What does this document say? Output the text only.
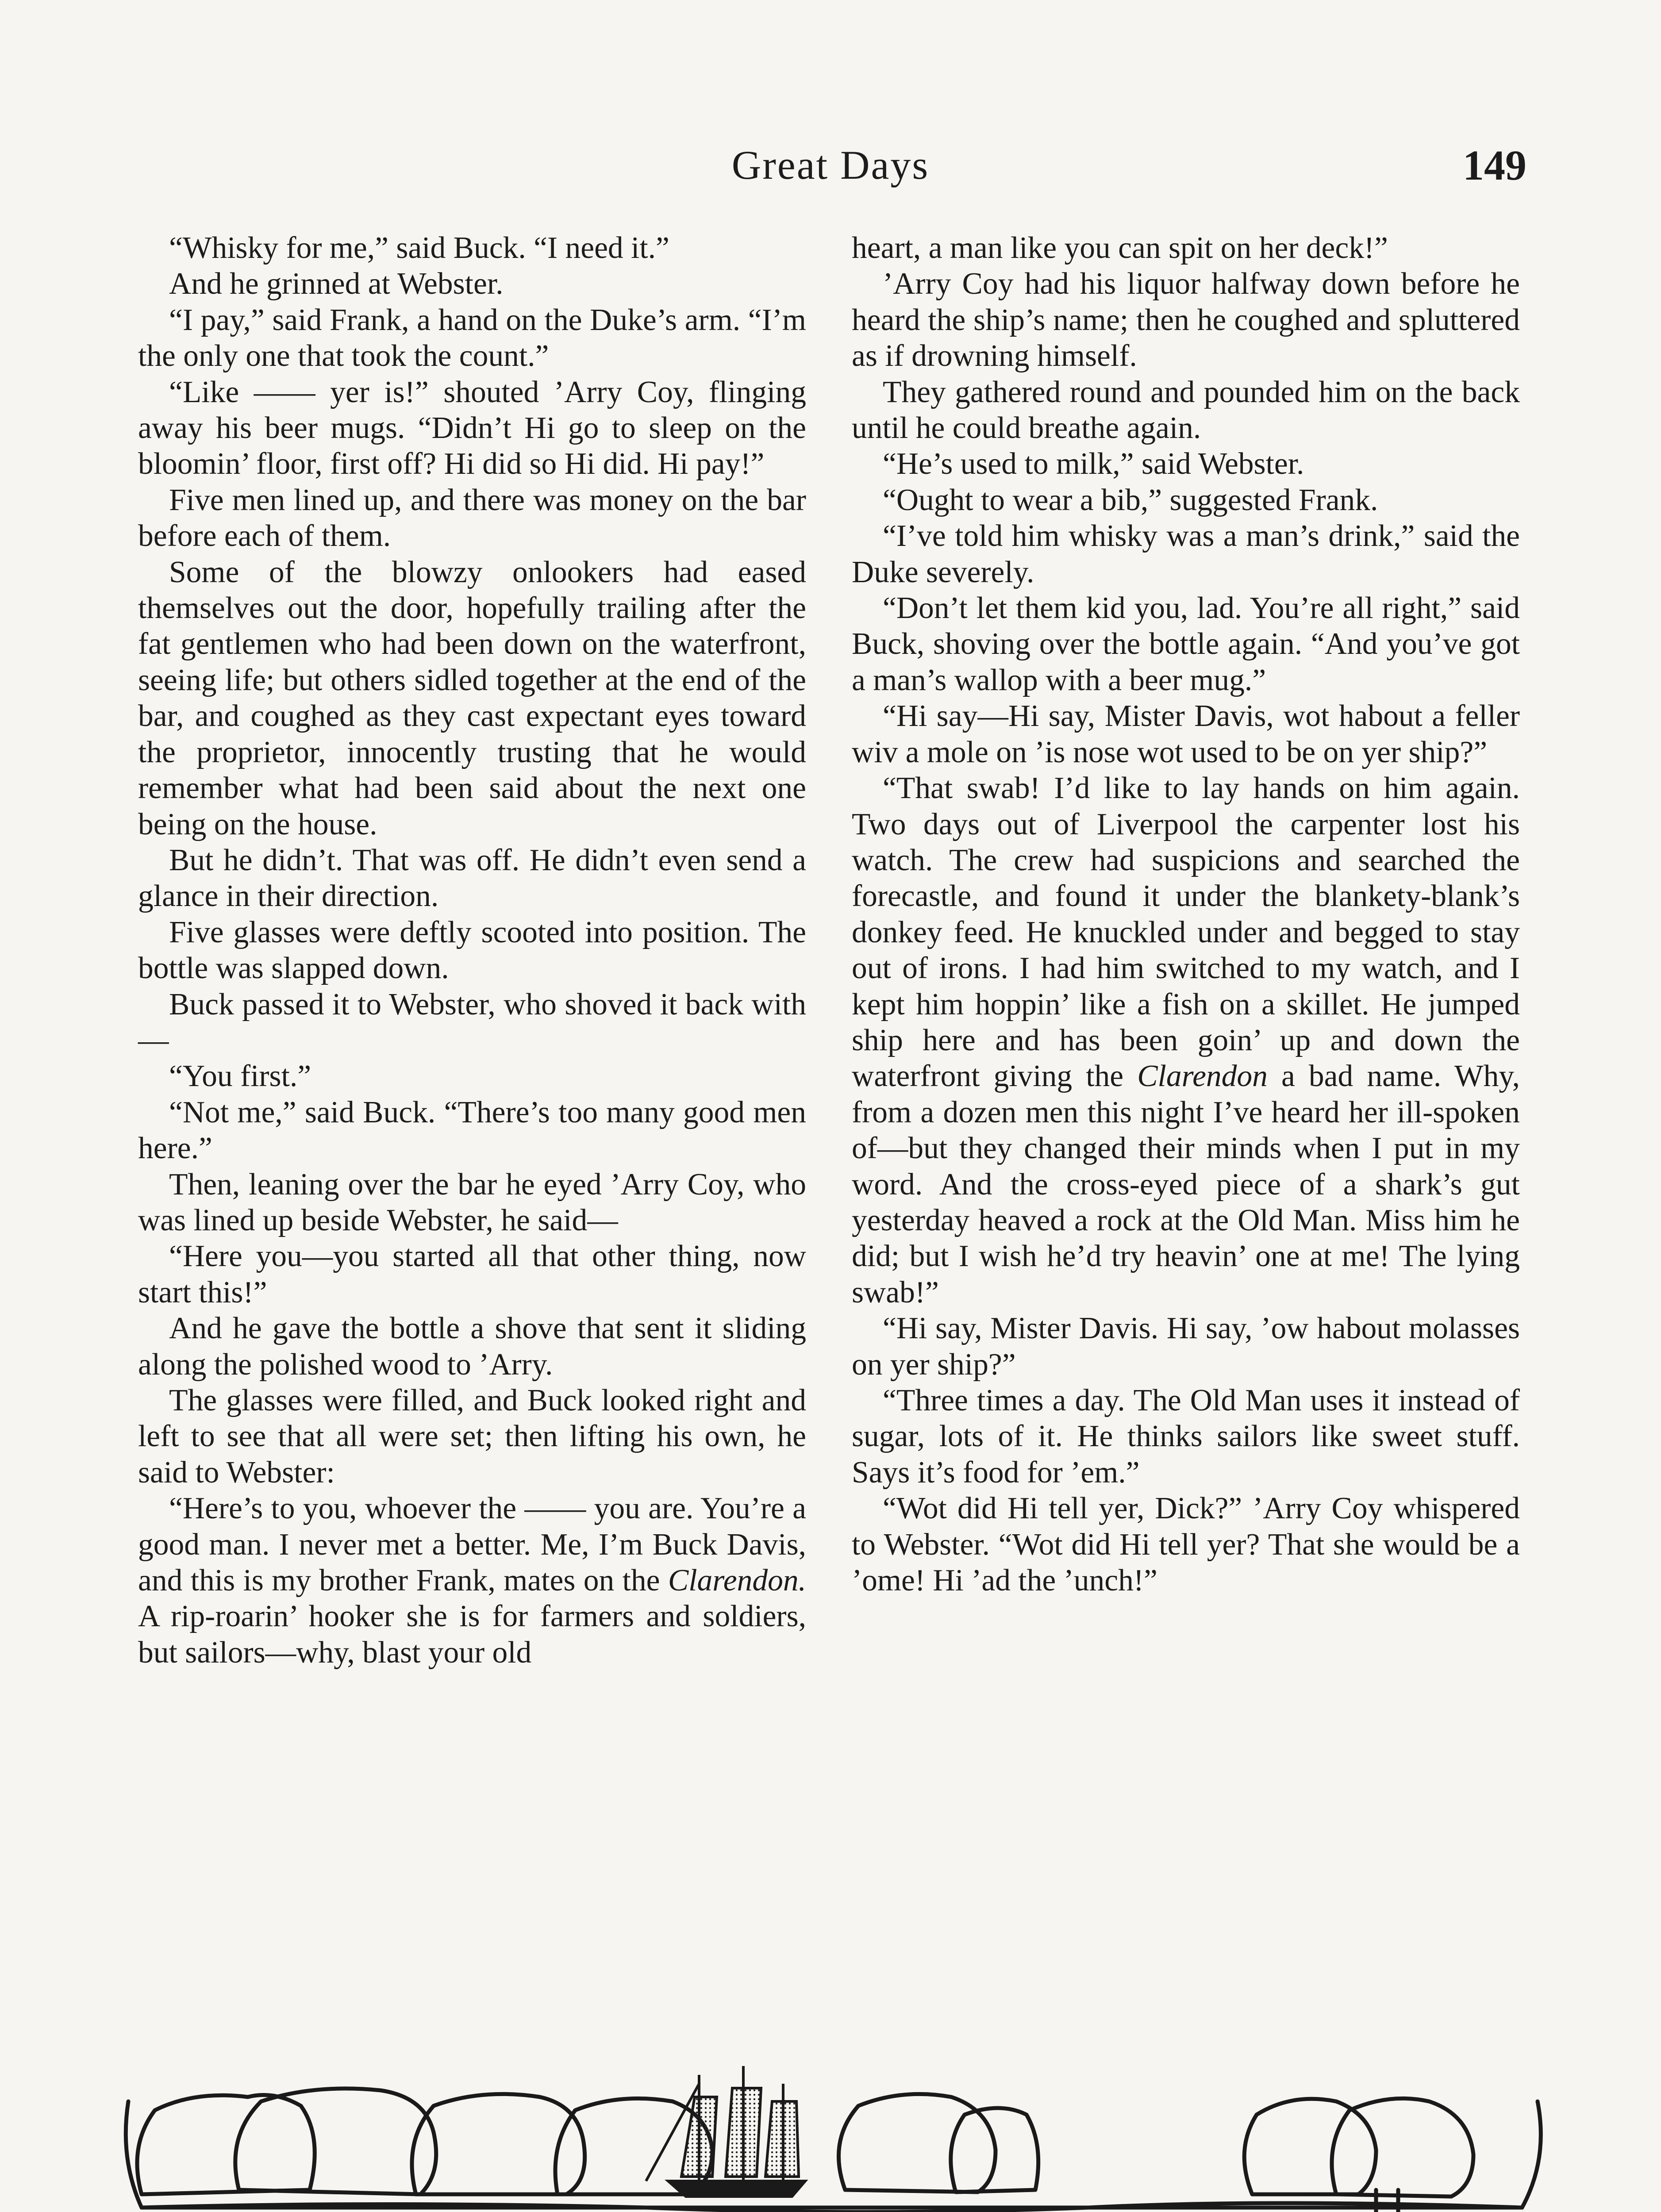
Great Days	149

“Whisky for me,” said Buck. “I need it.”

And he grinned at Webster.

“I pay,” said Frank, a hand on the Duke’s arm. “I’m the only one that took the count.”

“Like —— yer is!” shouted ’Arry Coy, flinging away his beer mugs. “Didn’t Hi go to sleep on the bloomin’ floor, first off? Hi did so Hi did. Hi pay!”

Five men lined up, and there was money on the bar before each of them.

Some of the blowzy onlookers had eased themselves out the door, hopefully trailing after the fat gentlemen who had been down on the waterfront, seeing life; but others sidled together at the end of the bar, and coughed as they cast expectant eyes toward the proprietor, innocently trusting that he would remember what had been said about the next one being on the house.

But he didn’t. That was off. He didn’t even send a glance in their direction.

Five glasses were deftly scooted into position. The bottle was slapped down.

Buck passed it to Webster, who shoved it back with —

“You first.”

“Not me,” said Buck. “There’s too many good men here.”

Then, leaning over the bar he eyed ’Arry Coy, who was lined up beside Webster, he said—

“Here you—you started all that other thing, now start this!”

And he gave the bottle a shove that sent it sliding along the polished wood to ’Arry.

The glasses were filled, and Buck looked right and left to see that all were set; then lifting his own, he said to Webster:

“Here’s to you, whoever the —— you are. You’re a good man. I never met a better. Me, I’m Buck Davis, and this is my brother Frank, mates on the Clarendon. A rip-roarin’ hooker she is for farmers and soldiers, but sailors—why, blast your old

heart, a man like you can spit on her deck!”

’Arry Coy had his liquor halfway down before he heard the ship’s name; then he coughed and spluttered as if drowning himself.

They gathered round and pounded him on the back until he could breathe again.

“He’s used to milk,” said Webster.

“Ought to wear a bib,” suggested Frank.

“I’ve told him whisky was a man’s drink,” said the Duke severely.

“Don’t let them kid you, lad. You’re all right,” said Buck, shoving over the bottle again. “And you’ve got a man’s wallop with a beer mug.”

“Hi say—Hi say, Mister Davis, wot habout a feller wiv a mole on ’is nose wot used to be on yer ship?”

“That swab! I’d like to lay hands on him again. Two days out of Liverpool the carpenter lost his watch. The crew had suspicions and searched the forecastle, and found it under the blankety-blank’s donkey feed. He knuckled under and begged to stay out of irons. I had him switched to my watch, and I kept him hoppin’ like a fish on a skillet. He jumped ship here and has been goin’ up and down the waterfront giving the Clarendon a bad name. Why, from a dozen men this night I’ve heard her ill-spoken of—but they changed their minds when I put in my word. And the cross-eyed piece of a shark’s gut yesterday heaved a rock at the Old Man. Miss him he did; but I wish he’d try heavin’ one at me! The lying swab!”

“Hi say, Mister Davis. Hi say, ’ow habout molasses on yer ship?”

“Three times a day. The Old Man uses it instead of sugar, lots of it. He thinks sailors like sweet stuff. Says it’s food for ’em.”

“Wot did Hi tell yer, Dick?” ’Arry Coy whispered to Webster. “Wot did Hi tell yer? That she would be a ’ome! Hi ’ad the ’unch!”
